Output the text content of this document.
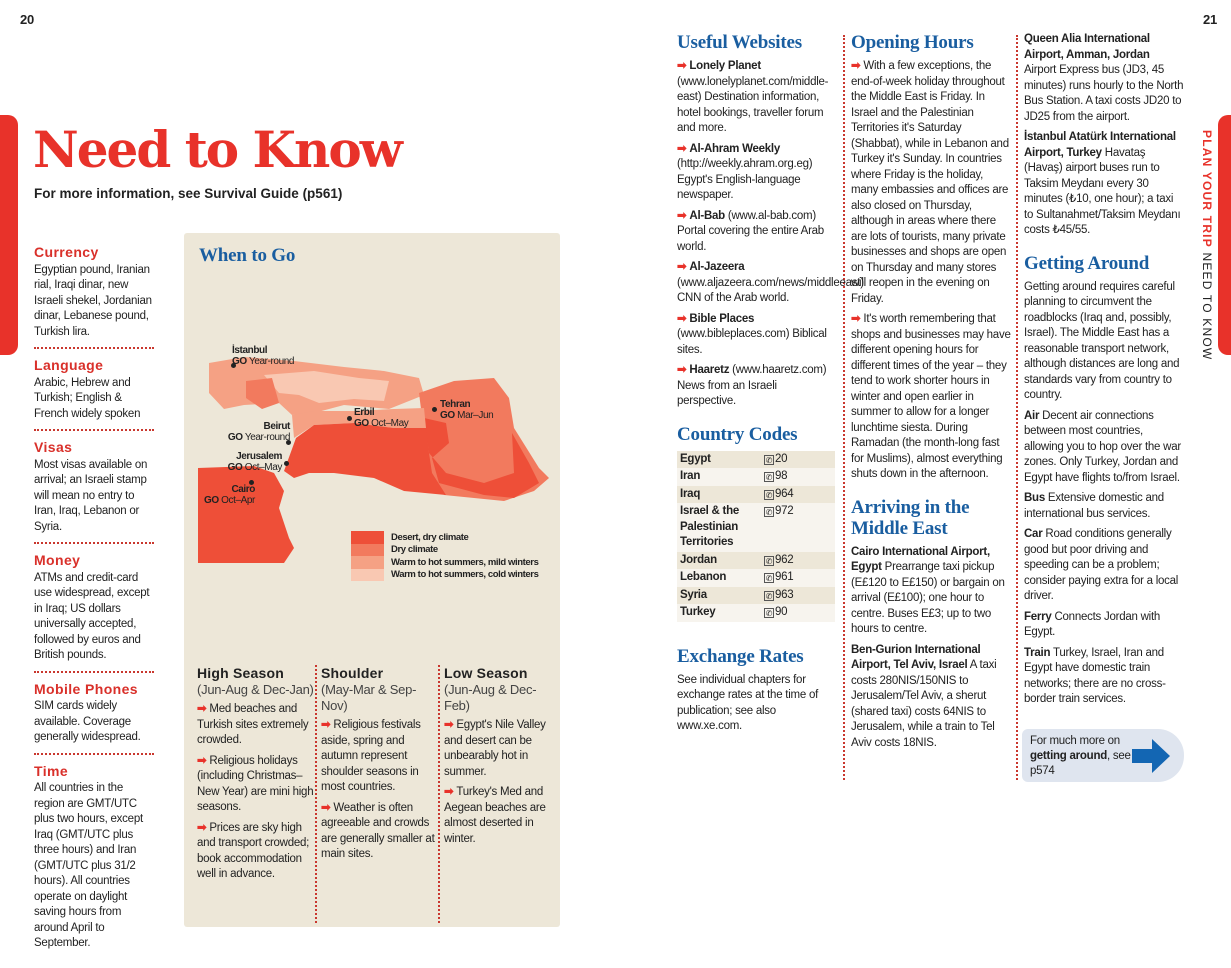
20	21
Need to Know
For more information, see Survival Guide (p561)
Currency
Egyptian pound, Iranian rial, Iraqi dinar, new Israeli shekel, Jordanian dinar, Lebanese pound, Turkish lira.
Language
Arabic, Hebrew and Turkish; English & French widely spoken
Visas
Most visas available on arrival; an Israeli stamp will mean no entry to Iran, Iraq, Lebanon or Syria.
Money
ATMs and credit-card use widespread, except in Iraq; US dollars universally accepted, followed by euros and British pounds.
Mobile Phones
SIM cards widely available. Coverage generally widespread.
Time
All countries in the region are GMT/UTC plus two hours, except Iraq (GMT/UTC plus three hours) and Iran (GMT/UTC plus 31/2 hours). All countries operate on daylight saving hours from around April to September.
When to Go
İstanbul
GO Year-round
Erbil
GO Oct–May
Tehran
GO Mar–Jun
Beirut
GO Year-round
Jerusalem
GO Oct–May
Cairo
GO Oct–Apr
Desert, dry climate
Dry climate
Warm to hot summers, mild winters
Warm to hot summers, cold winters
High Season
(Jun-Aug & Dec-Jan)

➡ Med beaches and Turkish sites extremely crowded.

➡ Religious holidays (including Christmas–New Year) are mini high seasons.

➡ Prices are sky high and transport crowded; book accommodation well in advance.

Shoulder
(May-Mar & Sep-Nov)

➡ Religious festivals aside, spring and autumn represent shoulder seasons in most countries.

➡ Weather is often agreeable and crowds are generally smaller at main sites.

Low Season
(Jun-Aug & Dec-Feb)

➡ Egypt's Nile Valley and desert can be unbearably hot in summer.

➡ Turkey's Med and Aegean beaches are almost deserted in winter.

Useful Websites

➡ Lonely Planet (www.lonelyplanet.com/middle-east) Destination information, hotel bookings, traveller forum and more.

➡ Al-Ahram Weekly (http://weekly.ahram.org.eg) Egypt's English-language newspaper.

➡ Al-Bab (www.al-bab.com) Portal covering the entire Arab world.

➡ Al-Jazeera (www.aljazeera.com/news/middleeast) CNN of the Arab world.

➡ Bible Places (www.bibleplaces.com) Biblical sites.

➡ Haaretz (www.haaretz.com) News from an Israeli perspective.

Country Codes
Egypt	✆ 20
Iran	✆ 98
Iraq	✆ 964
Israel & the Palestinian Territories	✆ 972
Jordan	✆ 962
Lebanon	✆ 961
Syria	✆ 963
Turkey	✆ 90
Exchange Rates

See individual chapters for exchange rates at the time of publication; see also www.xe.com.

Opening Hours

➡ With a few exceptions, the end-of-week holiday throughout the Middle East is Friday. In Israel and the Palestinian Territories it's Saturday (Shabbat), while in Lebanon and Turkey it's Sunday. In countries where Friday is the holiday, many embassies and offices are also closed on Thursday, although in areas where there are lots of tourists, many private businesses and shops are open on Thursday and many stores will reopen in the evening on Friday.

➡ It's worth remembering that shops and businesses may have different opening hours for different times of the year – they tend to work shorter hours in winter and open earlier in summer to allow for a longer lunchtime siesta. During Ramadan (the month-long fast for Muslims), almost everything shuts down in the afternoon.

Arriving in the Middle East

Cairo International Airport, Egypt Prearrange taxi pickup (E£120 to E£150) or bargain on arrival (E£100); one hour to centre. Buses E£3; up to two hours to centre.

Ben-Gurion International Airport, Tel Aviv, Israel A taxi costs 280NIS/150NIS to Jerusalem/Tel Aviv, a sherut (shared taxi) costs 64NIS to Jerusalem, while a train to Tel Aviv costs 18NIS.

Queen Alia International Airport, Amman, Jordan Airport Express bus (JD3, 45 minutes) runs hourly to the North Bus Station. A taxi costs JD20 to JD25 from the airport.

İstanbul Atatürk International Airport, Turkey Havataş (Havaş) airport buses run to Taksim Meydanı every 30 minutes (₺10, one hour); a taxi to Sultanahmet/Taksim Meydanı costs ₺45/55.

Getting Around

Getting around requires careful planning to circumvent the roadblocks (Iraq and, possibly, Israel). The Middle East has a reasonable transport network, although distances are long and standards vary from country to country.

Air Decent air connections between most countries, allowing you to hop over the war zones. Only Turkey, Jordan and Egypt have flights to/from Israel.

Bus Extensive domestic and international bus services.

Car Road conditions generally good but poor driving and speeding can be a problem; consider paying extra for a local driver.

Ferry Connects Jordan with Egypt.

Train Turkey, Israel, Iran and Egypt have domestic train networks; there are no cross-border train services.

For much more on getting around, see p574
PLAN YOUR TRIP NEED TO KNOW
